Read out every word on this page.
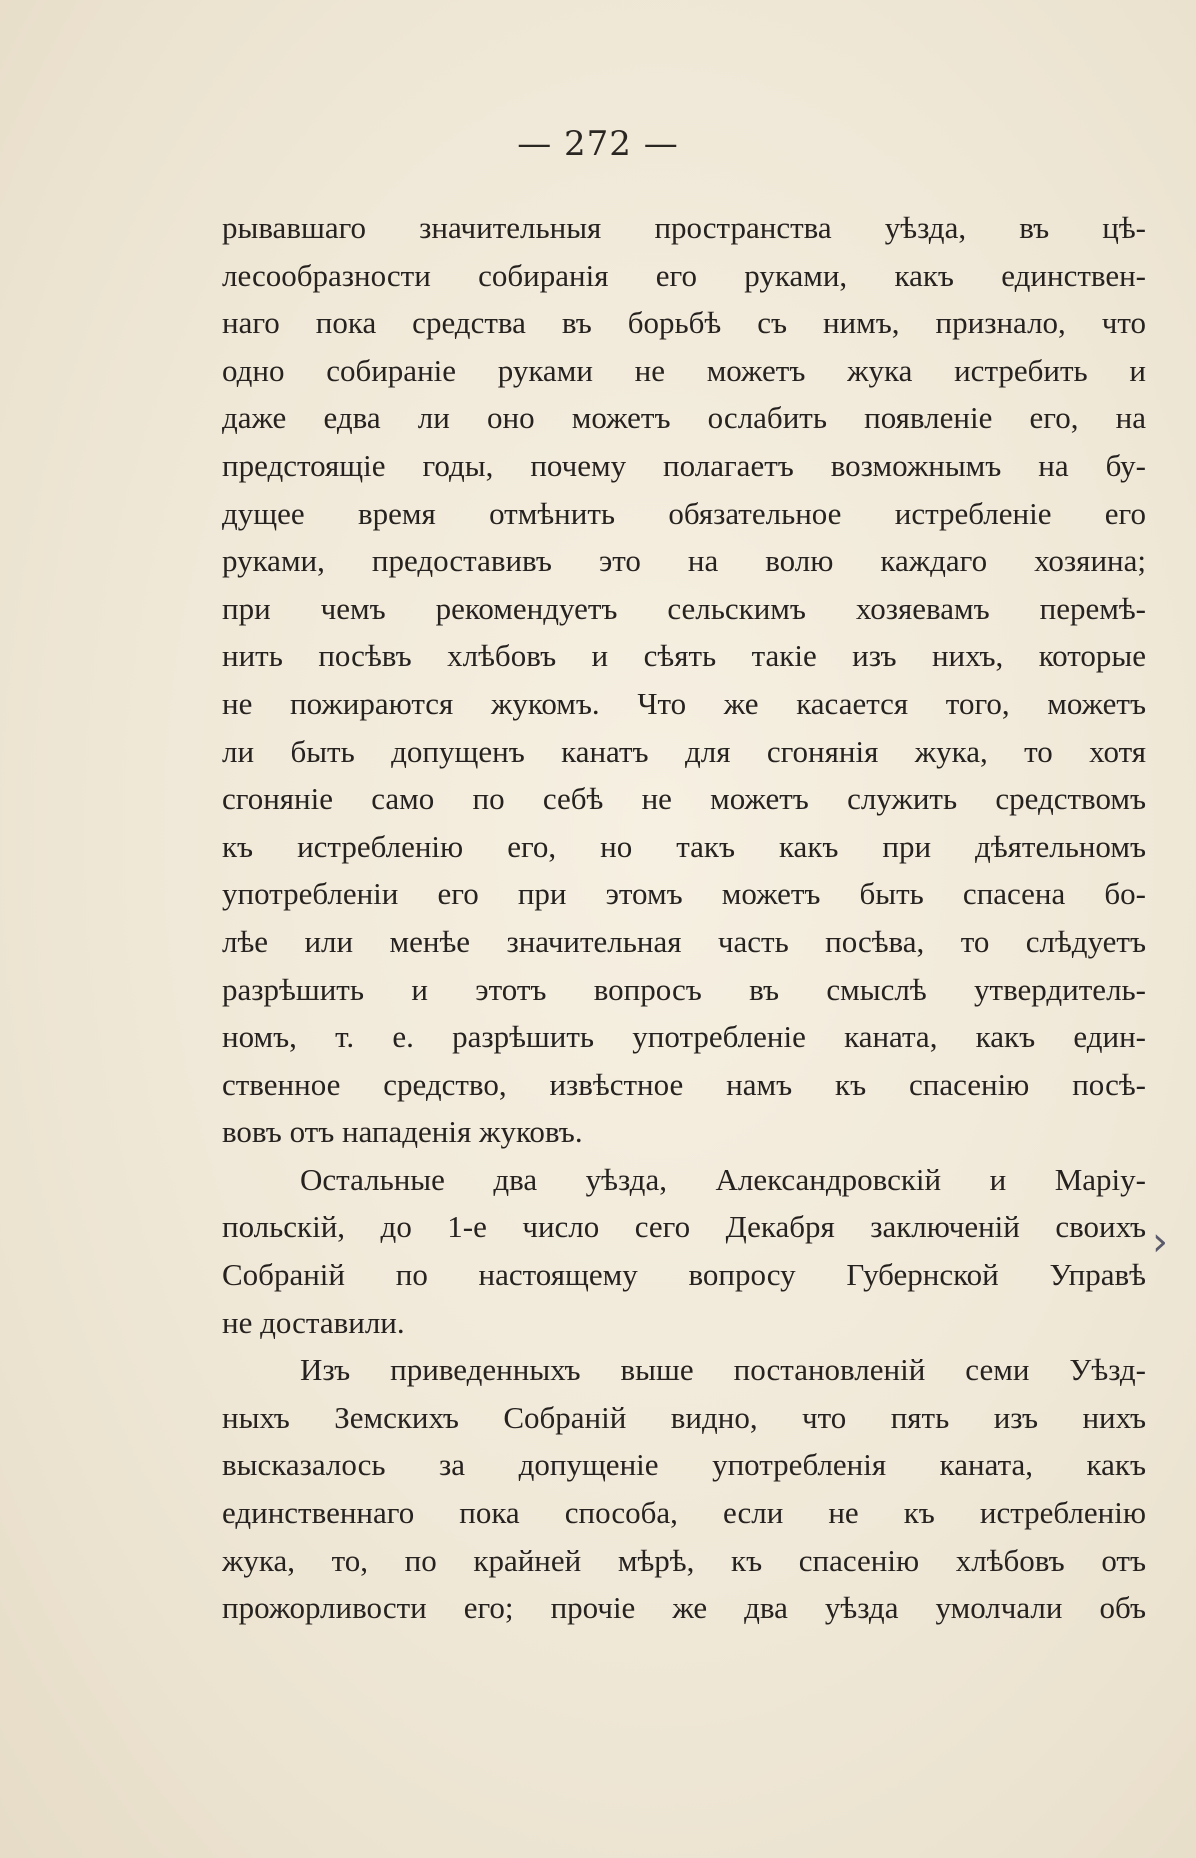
— 272 —
рывавшаго значительныя пространства уѣзда, въ цѣ-
лесообразности собиранія его руками, какъ единствен-
наго пока средства въ борьбѣ съ нимъ, признало, что
одно собираніе руками не можетъ жука истребить и
даже едва ли оно можетъ ослабить появленіе его, на
предстоящіе годы, почему полагаетъ возможнымъ на бу-
дущее время отмѣнить обязательное истребленіе его
руками, предоставивъ это на волю каждаго хозяина;
при чемъ рекомендуетъ сельскимъ хозяевамъ перемѣ-
нить посѣвъ хлѣбовъ и сѣять такіе изъ нихъ, которые
не пожираются жукомъ. Что же касается того, можетъ
ли быть допущенъ канатъ для сгонянія жука, то хотя
сгоняніе само по себѣ не можетъ служить средствомъ
къ истребленію его, но такъ какъ при дѣятельномъ
употребленіи его при этомъ можетъ быть спасена бо-
лѣе или менѣе значительная часть посѣва, то слѣдуетъ
разрѣшить и этотъ вопросъ въ смыслѣ утвердитель-
номъ, т. е. разрѣшить употребленіе каната, какъ един-
ственное средство, извѣстное намъ къ спасенію посѣ-
вовъ отъ нападенія жуковъ.
Остальные два уѣзда, Александровскій и Маріу-
польскій, до 1-е число сего Декабря заключеній своихъ
Собраній по настоящему вопросу Губернской Управѣ
не доставили.
Изъ приведенныхъ выше постановленій семи Уѣзд-
ныхъ Земскихъ Собраній видно, что пять изъ нихъ
высказалось за допущеніе употребленія каната, какъ
единственнаго пока способа, если не къ истребленію
жука, то, по крайней мѣрѣ, къ спасенію хлѣбовъ отъ
прожорливости его; прочіе же два уѣзда умолчали объ
›
